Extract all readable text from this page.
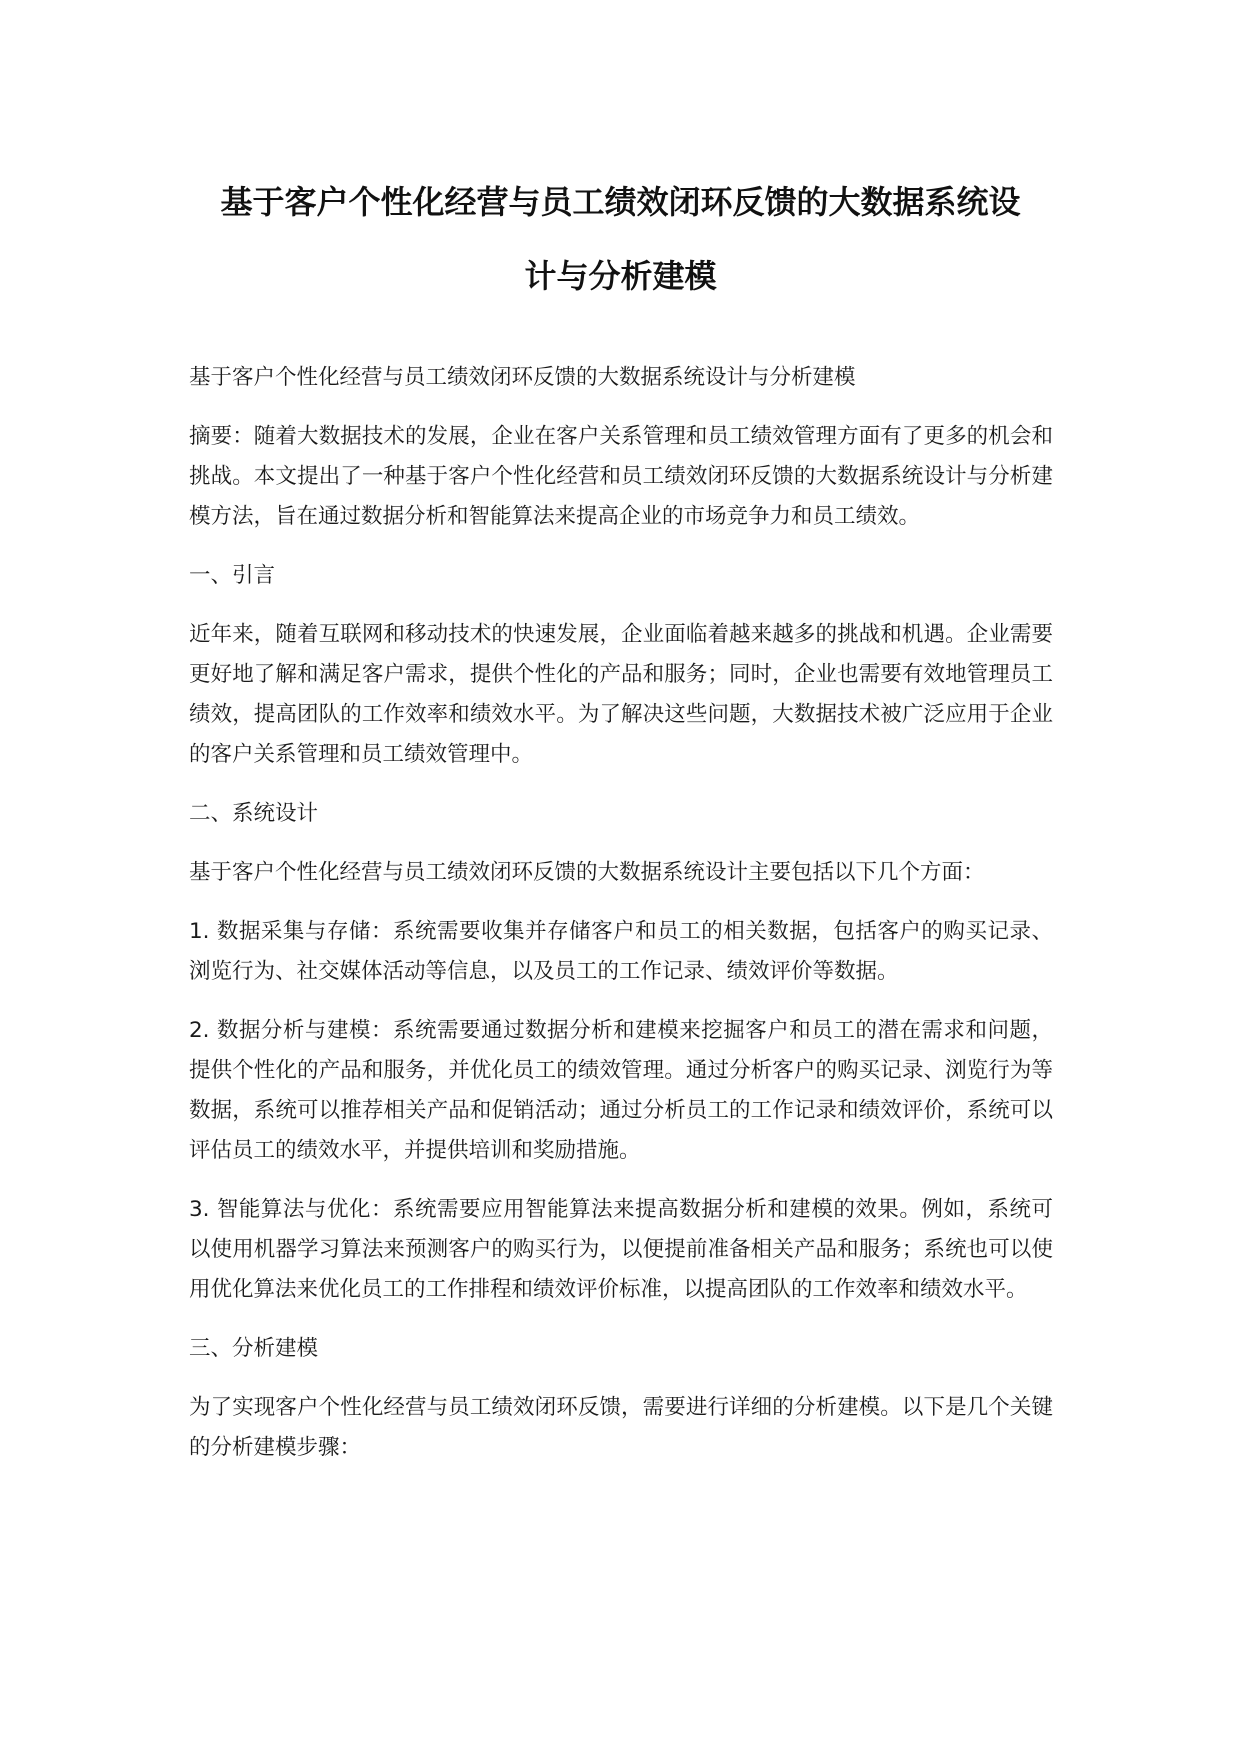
基于客户个性化经营与员工绩效闭环反馈的大数据系统设
计与分析建模

基于客户个性化经营与员工绩效闭环反馈的大数据系统设计与分析建模

摘要：随着大数据技术的发展，企业在客户关系管理和员工绩效管理方面有了更多的机会和挑战。本文提出了一种基于客户个性化经营和员工绩效闭环反馈的大数据系统设计与分析建模方法，旨在通过数据分析和智能算法来提高企业的市场竞争力和员工绩效。

一、引言

近年来，随着互联网和移动技术的快速发展，企业面临着越来越多的挑战和机遇。企业需要更好地了解和满足客户需求，提供个性化的产品和服务；同时，企业也需要有效地管理员工绩效，提高团队的工作效率和绩效水平。为了解决这些问题，大数据技术被广泛应用于企业的客户关系管理和员工绩效管理中。

二、系统设计

基于客户个性化经营与员工绩效闭环反馈的大数据系统设计主要包括以下几个方面：

1. 数据采集与存储：系统需要收集并存储客户和员工的相关数据，包括客户的购买记录、浏览行为、社交媒体活动等信息，以及员工的工作记录、绩效评价等数据。

2. 数据分析与建模：系统需要通过数据分析和建模来挖掘客户和员工的潜在需求和问题，提供个性化的产品和服务，并优化员工的绩效管理。通过分析客户的购买记录、浏览行为等数据，系统可以推荐相关产品和促销活动；通过分析员工的工作记录和绩效评价，系统可以评估员工的绩效水平，并提供培训和奖励措施。

3. 智能算法与优化：系统需要应用智能算法来提高数据分析和建模的效果。例如，系统可以使用机器学习算法来预测客户的购买行为，以便提前准备相关产品和服务；系统也可以使用优化算法来优化员工的工作排程和绩效评价标准，以提高团队的工作效率和绩效水平。

三、分析建模

为了实现客户个性化经营与员工绩效闭环反馈，需要进行详细的分析建模。以下是几个关键的分析建模步骤：
